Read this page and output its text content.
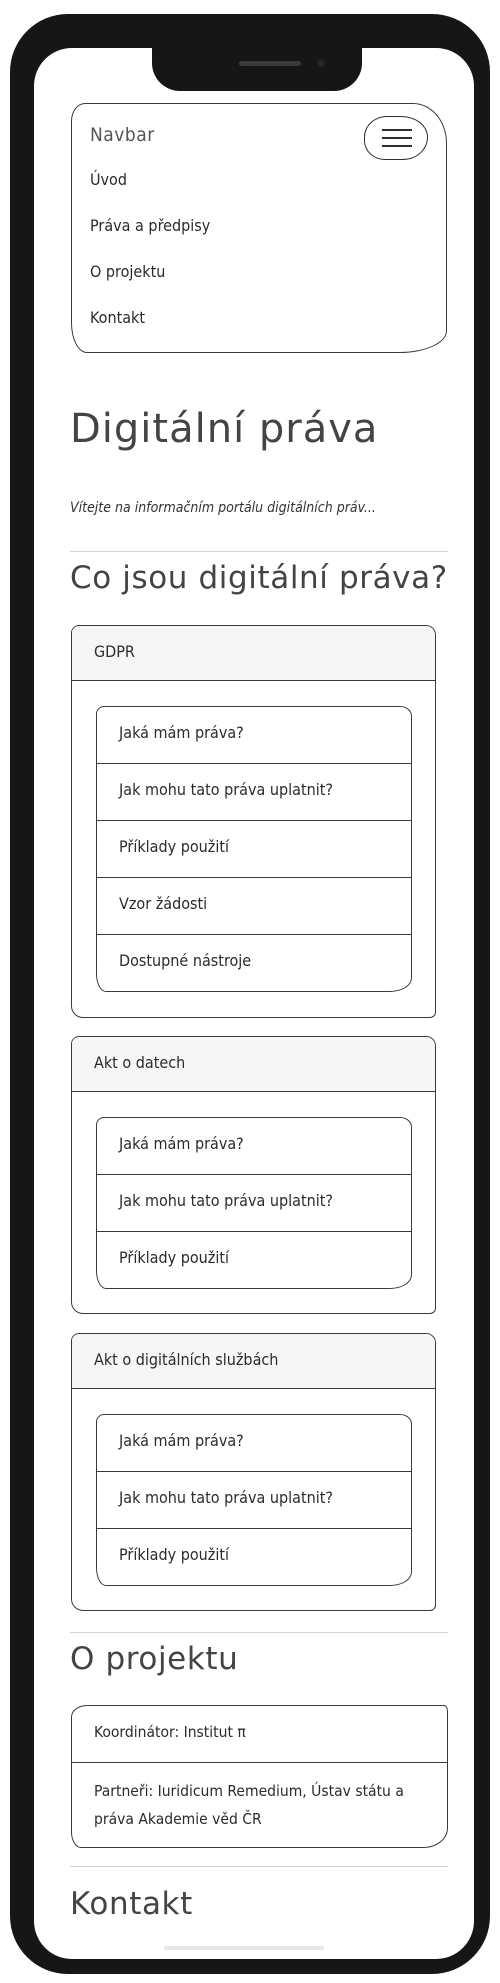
Navbar
Úvod
Práva a předpisy
O projektu
Kontakt
Digitální práva
Vítejte na informačním portálu digitálních práv...
Co jsou digitální práva?
GDPR
Jaká mám práva?
Jak mohu tato práva uplatnit?
Příklady použití
Vzor žádosti
Dostupné nástroje
Akt o datech
Jaká mám práva?
Jak mohu tato práva uplatnit?
Příklady použití
Akt o digitálních službách
Jaká mám práva?
Jak mohu tato práva uplatnit?
Příklady použití
O projektu
Koordinátor: Institut π
Partneři: Iuridicum Remedium, Ústav státu a práva Akademie věd ČR
Kontakt
